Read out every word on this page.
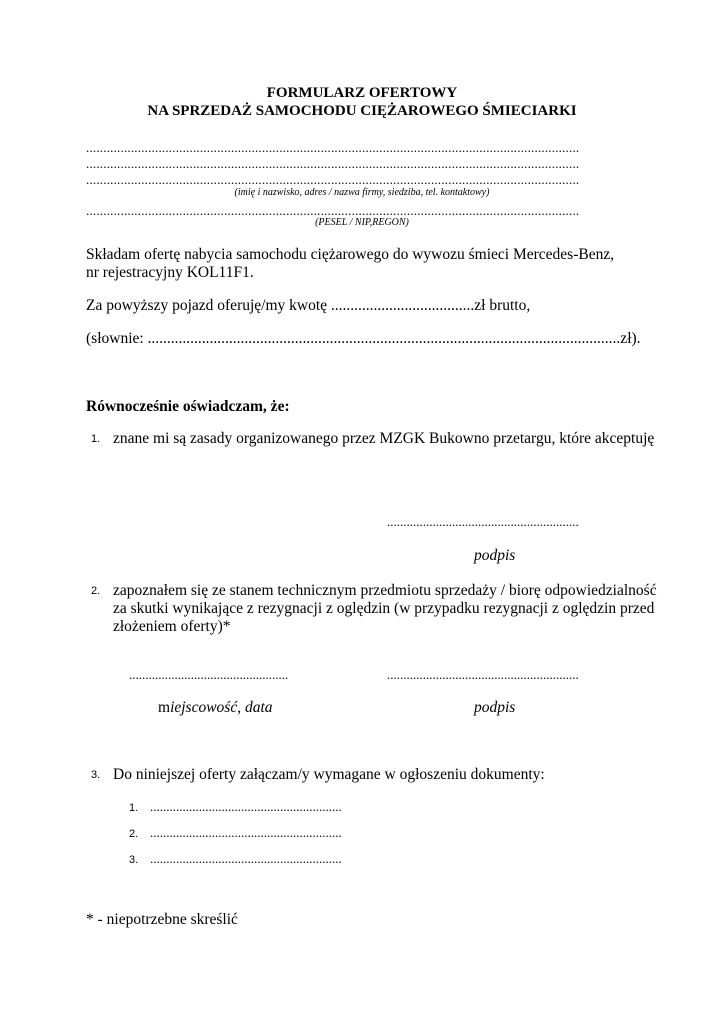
FORMULARZ OFERTOWY
NA SPRZEDAŻ SAMOCHODU CIĘŻAROWEGO ŚMIECIARKI
...............................................................................................................................................
...............................................................................................................................................
...............................................................................................................................................
(imię i nazwisko, adres / nazwa firmy, siedziba, tel. kontaktowy)
...............................................................................................................................................
(PESEL / NIP,REGON)
Składam ofertę nabycia samochodu ciężarowego do wywozu śmieci Mercedes-Benz,
nr rejestracyjny KOL11F1.
Za powyższy pojazd oferuję/my kwotę .....................................zł brutto,
(słownie: ..........................................................................................................................zł).
Równocześnie oświadczam, że:
1. znane mi są zasady organizowanego przez MZGK Bukowno przetargu, które akceptuję
...........................................................
podpis
2. zapoznałem się ze stanem technicznym przedmiotu sprzedaży / biorę odpowiedzialność
za skutki wynikające z rezygnacji z oględzin (w przypadku rezygnacji z oględzin przed
złożeniem oferty)*
.................................................	...........................................................
miejscowość, data	podpis
3. Do niniejszej oferty załączam/y wymagane w ogłoszeniu dokumenty:
1. ...........................................................
2. ...........................................................
3. ...........................................................
* - niepotrzebne skreślić
